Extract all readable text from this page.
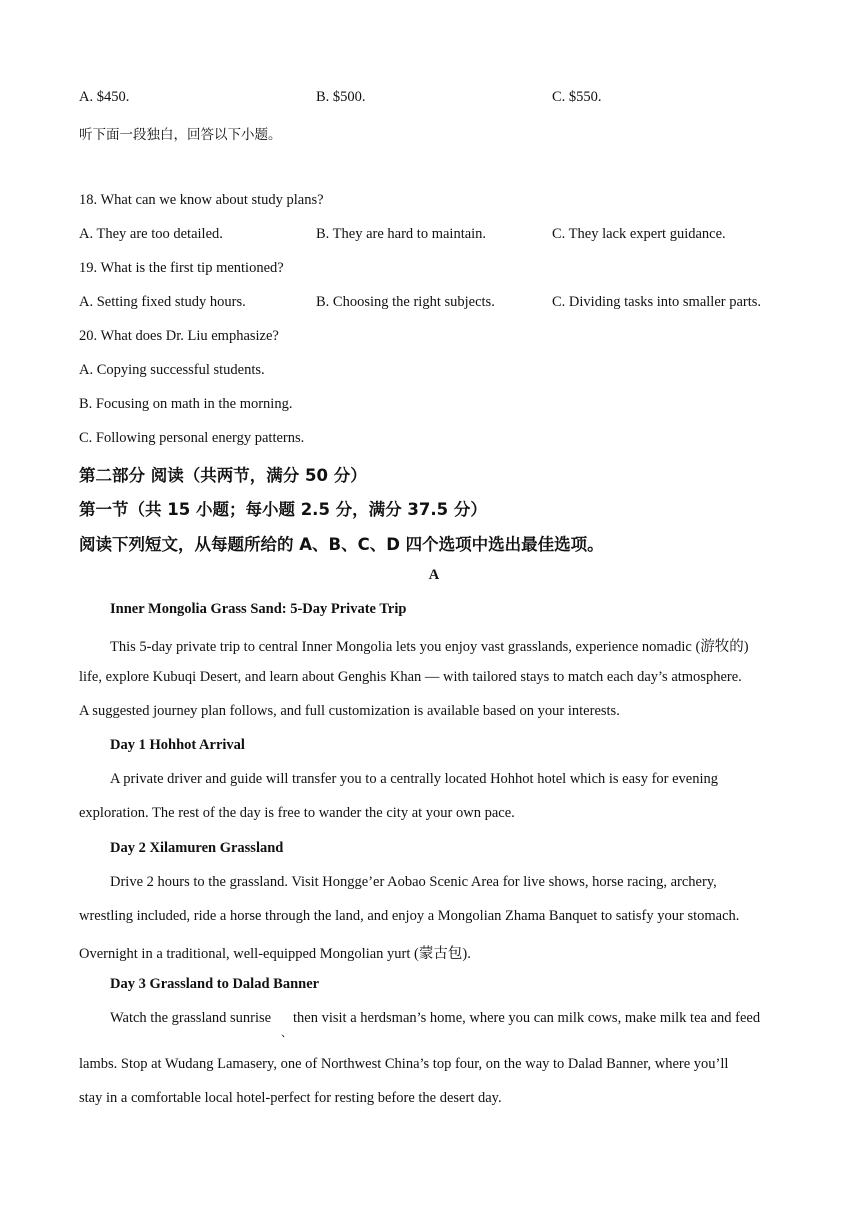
A. $450.	B. $500.	C. $550.
听下面一段独白，回答以下小题。
18. What can we know about study plans?
A. They are too detailed.	B. They are hard to maintain.	C. They lack expert guidance.
19. What is the first tip mentioned?
A. Setting fixed study hours.	B. Choosing the right subjects.	C. Dividing tasks into smaller parts.
20. What does Dr. Liu emphasize?
A. Copying successful students.
B. Focusing on math in the morning.
C. Following personal energy patterns.
第二部分 阅读（共两节，满分 50 分）
第一节（共 15 小题；每小题 2.5 分，满分 37.5 分）
阅读下列短文，从每题所给的 A、B、C、D 四个选项中选出最佳选项。
A
Inner Mongolia Grass Sand: 5-Day Private Trip
This 5-day private trip to central Inner Mongolia lets you enjoy vast grasslands, experience nomadic (游牧的)
life, explore Kubuqi Desert, and learn about Genghis Khan — with tailored stays to match each day’s atmosphere.
A suggested journey plan follows, and full customization is available based on your interests.
Day 1 Hohhot Arrival
A private driver and guide will transfer you to a centrally located Hohhot hotel which is easy for evening
exploration. The rest of the day is free to wander the city at your own pace.
Day 2 Xilamuren Grassland
Drive 2 hours to the grassland. Visit Hongge’er Aobao Scenic Area for live shows, horse racing, archery,
wrestling included, ride a horse through the land, and enjoy a Mongolian Zhama Banquet to satisfy your stomach.
Overnight in a traditional, well-equipped Mongolian yurt (蒙古包).
Day 3 Grassland to Dalad Banner
Watch the grassland sunrise
、
then visit a herdsman’s home, where you can milk cows, make milk tea and feed
lambs. Stop at Wudang Lamasery, one of Northwest China’s top four, on the way to Dalad Banner, where you’ll
stay in a comfortable local hotel-perfect for resting before the desert day.
